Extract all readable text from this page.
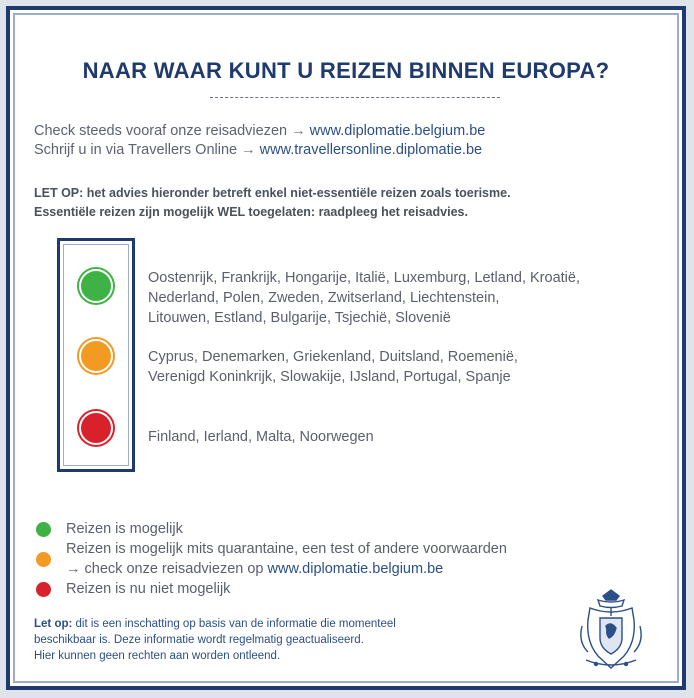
NAAR WAAR KUNT U REIZEN BINNEN EUROPA?
Check steeds vooraf onze reisadviezen → www.diplomatie.belgium.be
Schrijf u in via Travellers Online → www.travellersonline.diplomatie.be
LET OP: het advies hieronder betreft enkel niet-essentiële reizen zoals toerisme.
Essentiële reizen zijn mogelijk WEL toegelaten: raadpleeg het reisadvies.
Oostenrijk, Frankrijk, Hongarije, Italië, Luxemburg, Letland, Kroatië,
Nederland, Polen, Zweden, Zwitserland, Liechtenstein,
Litouwen, Estland, Bulgarije, Tsjechië, Slovenië
Cyprus, Denemarken, Griekenland, Duitsland, Roemenië,
Verenigd Koninkrijk, Slowakije, IJsland, Portugal, Spanje
Finland, Ierland, Malta, Noorwegen
Reizen is mogelijk
Reizen is mogelijk mits quarantaine, een test of andere voorwaarden
→ check onze reisadviezen op www.diplomatie.belgium.be
Reizen is nu niet mogelijk
Let op: dit is een inschatting op basis van de informatie die momenteel
beschikbaar is. Deze informatie wordt regelmatig geactualiseerd.
Hier kunnen geen rechten aan worden ontleend.
